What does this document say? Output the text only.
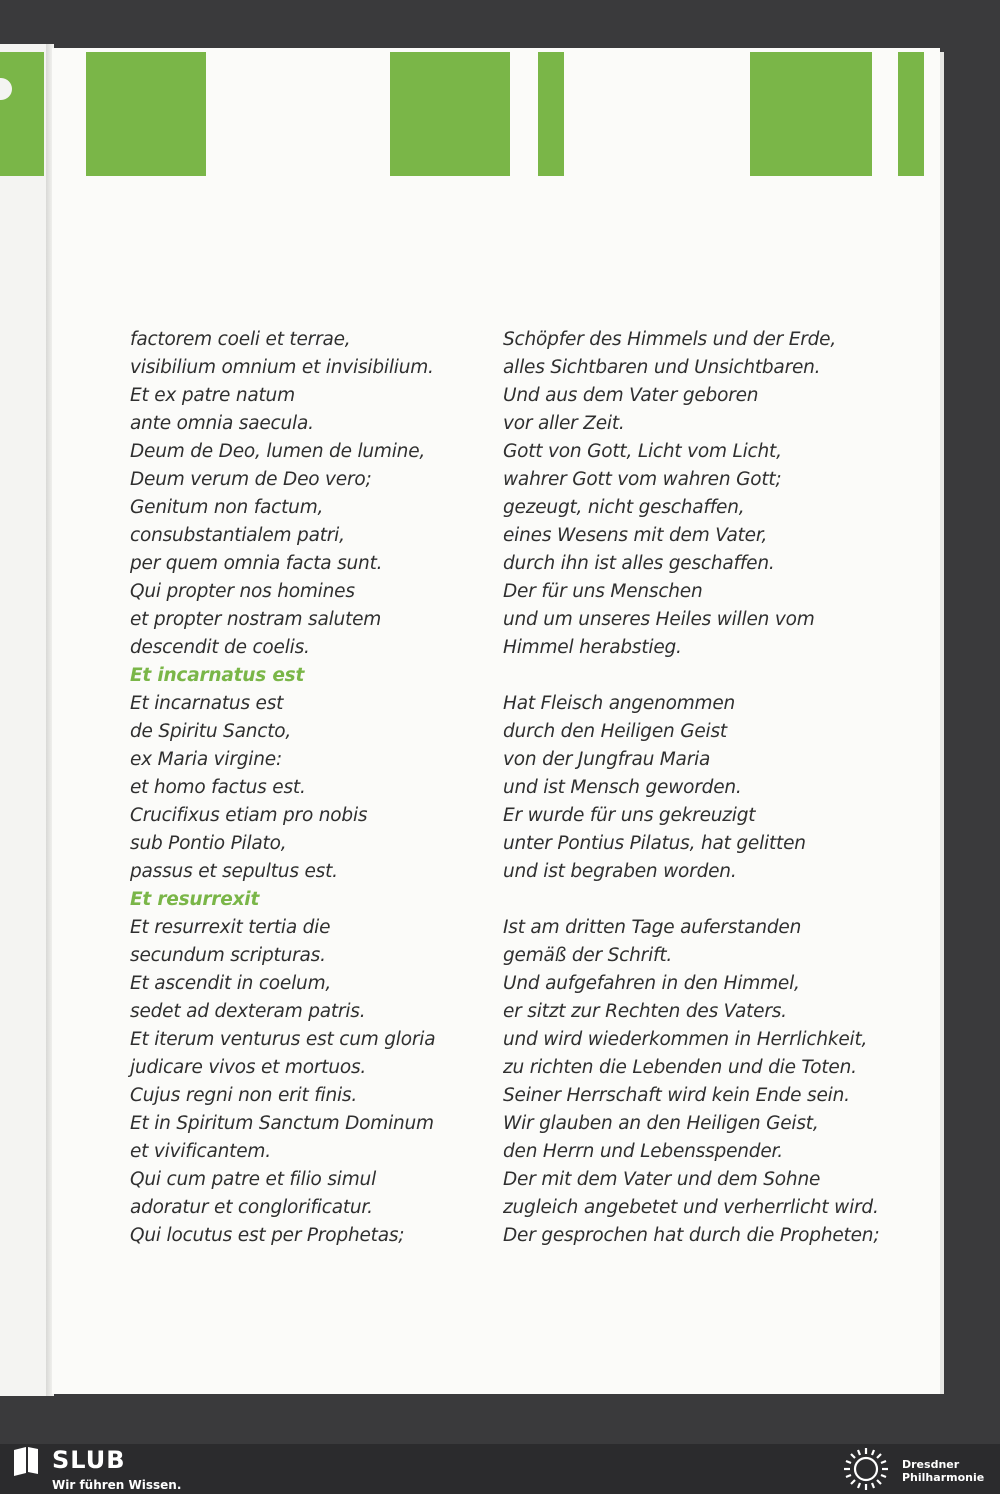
factorem coeli et terrae,
visibilium omnium et invisibilium.
Et ex patre natum
ante omnia saecula.
Deum de Deo, lumen de lumine,
Deum verum de Deo vero;
Genitum non factum,
consubstantialem patri,
per quem omnia facta sunt.
Qui propter nos homines
et propter nostram salutem
descendit de coelis.
Et incarnatus est
Et incarnatus est
de Spiritu Sancto,
ex Maria virgine:
et homo factus est.
Crucifixus etiam pro nobis
sub Pontio Pilato,
passus et sepultus est.
Et resurrexit
Et resurrexit tertia die
secundum scripturas.
Et ascendit in coelum,
sedet ad dexteram patris.
Et iterum venturus est cum gloria
judicare vivos et mortuos.
Cujus regni non erit finis.
Et in Spiritum Sanctum Dominum
et vivificantem.
Qui cum patre et filio simul
adoratur et conglorificatur.
Qui locutus est per Prophetas;
Schöpfer des Himmels und der Erde,
alles Sichtbaren und Unsichtbaren.
Und aus dem Vater geboren
vor aller Zeit.
Gott von Gott, Licht vom Licht,
wahrer Gott vom wahren Gott;
gezeugt, nicht geschaffen,
eines Wesens mit dem Vater,
durch ihn ist alles geschaffen.
Der für uns Menschen
und um unseres Heiles willen vom
Himmel herabstieg.
Hat Fleisch angenommen
durch den Heiligen Geist
von der Jungfrau Maria
und ist Mensch geworden.
Er wurde für uns gekreuzigt
unter Pontius Pilatus, hat gelitten
und ist begraben worden.
Ist am dritten Tage auferstanden
gemäß der Schrift.
Und aufgefahren in den Himmel,
er sitzt zur Rechten des Vaters.
und wird wiederkommen in Herrlichkeit,
zu richten die Lebenden und die Toten.
Seiner Herrschaft wird kein Ende sein.
Wir glauben an den Heiligen Geist,
den Herrn und Lebensspender.
Der mit dem Vater und dem Sohne
zugleich angebetet und verherrlicht wird.
Der gesprochen hat durch die Propheten;
SLUB
Wir führen Wissen.
Dresdner
Philharmonie
